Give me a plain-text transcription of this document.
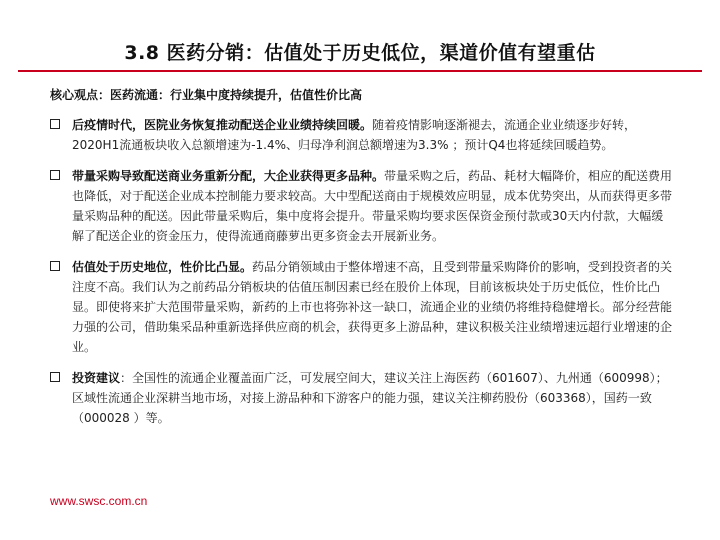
3.8 医药分销：估值处于历史低位，渠道价值有望重估
核心观点：医药流通：行业集中度持续提升，估值性价比高
后疫情时代，医院业务恢复推动配送企业业绩持续回暖。随着疫情影响逐渐褪去，流通企业业绩逐步好转，2020H1流通板块收入总额增速为-1.4%、归母净利润总额增速为3.3% ；预计Q4也将延续回暖趋势。
带量采购导致配送商业务重新分配，大企业获得更多品种。带量采购之后，药品、耗材大幅降价，相应的配送费用也降低，对于配送企业成本控制能力要求较高。大中型配送商由于规模效应明显，成本优势突出，从而获得更多带量采购品种的配送。因此带量采购后，集中度将会提升。带量采购均要求医保资金预付款或30天内付款，大幅缓解了配送企业的资金压力，使得流通商藤萝出更多资金去开展新业务。
估值处于历史地位，性价比凸显。药品分销领域由于整体增速不高，且受到带量采购降价的影响，受到投资者的关注度不高。我们认为之前药品分销板块的估值压制因素已经在股价上体现，目前该板块处于历史低位，性价比凸显。即使将来扩大范围带量采购，新药的上市也将弥补这一缺口，流通企业的业绩仍将维持稳健增长。部分经营能力强的公司，借助集采品种重新选择供应商的机会，获得更多上游品种，建议积极关注业绩增速远超行业增速的企业。
投资建议：全国性的流通企业覆盖面广泛，可发展空间大，建议关注上海医药（601607）、九州通（600998）；区域性流通企业深耕当地市场，对接上游品种和下游客户的能力强，建议关注柳药股份（603368），国药一致（000028 ）等。
www.swsc.com.cn
